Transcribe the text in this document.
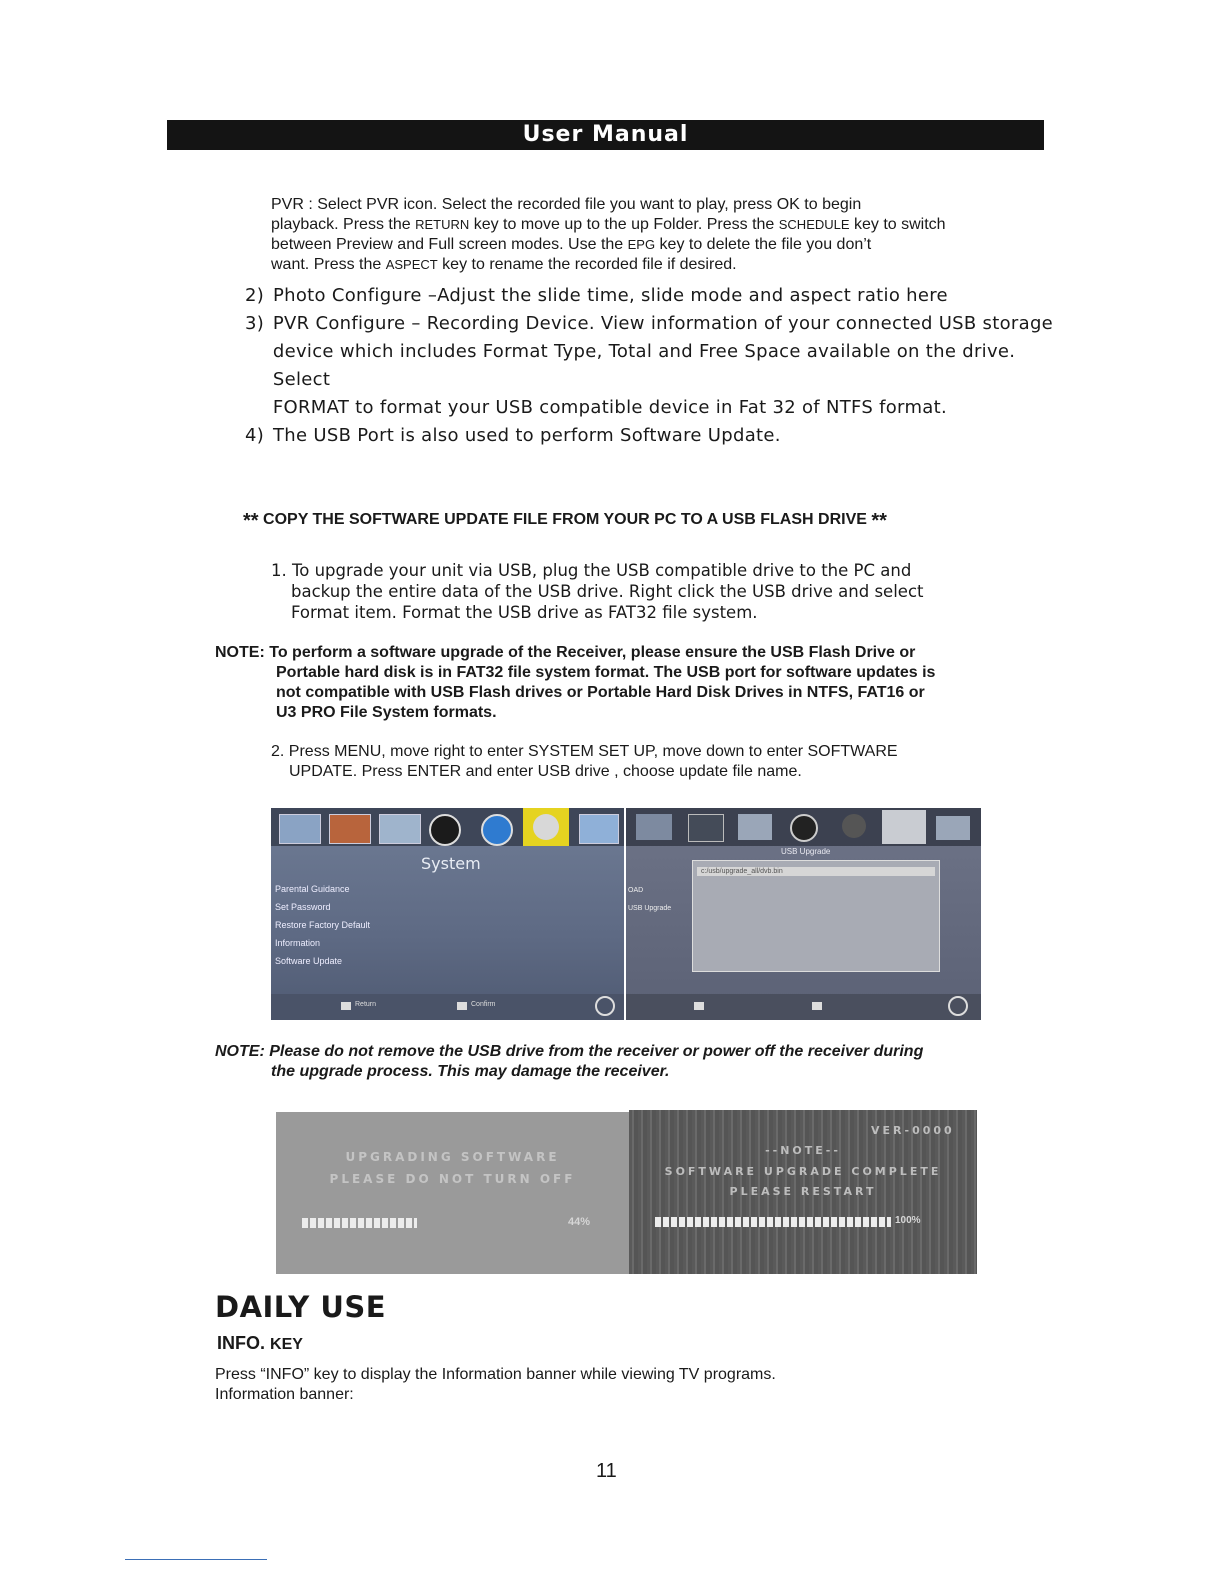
User Manual
PVR : Select PVR icon. Select the recorded file you want to play, press OK to begin
playback. Press the RETURN key to move up to the up Folder. Press the SCHEDULE key to switch
between Preview and Full screen modes. Use the EPG key to delete the file you don’t
want. Press the ASPECT key to rename the recorded file if desired.
2) Photo Configure –Adjust the slide time, slide mode and aspect ratio here
3) PVR Configure – Recording Device. View information of your connected USB storage
device which includes Format Type, Total and Free Space available on the drive. Select
FORMAT to format your USB compatible device in Fat 32 of NTFS format.
4) The USB Port is also used to perform Software Update.
** COPY THE SOFTWARE UPDATE FILE FROM YOUR PC TO A USB FLASH DRIVE **
1. To upgrade your unit via USB, plug the USB compatible drive to the PC and
backup the entire data of the USB drive. Right click the USB drive and select
Format item. Format the USB drive as FAT32 file system.
NOTE: To perform a software upgrade of the Receiver, please ensure the USB Flash Drive or
Portable hard disk is in FAT32 file system format. The USB port for software updates is
not compatible with USB Flash drives or Portable Hard Disk Drives in NTFS, FAT16 or
U3 PRO File System formats.
2. Press MENU, move right to enter SYSTEM SET UP, move down to enter SOFTWARE
UPDATE. Press ENTER and enter USB drive , choose update file name.
System
Parental Guidance
Set Password
Restore Factory Default
Information
Software Update
Return	Confirm
USB Upgrade
c:/usb/upgrade_all/dvb.bin
OAD
USB Upgrade
NOTE: Please do not remove the USB drive from the receiver or power off the receiver during
the upgrade process. This may damage the receiver.
UPGRADING SOFTWARE
PLEASE DO NOT TURN OFF
44%
VER-0000
--NOTE--
SOFTWARE UPGRADE COMPLETE
PLEASE RESTART
100%
DAILY USE
INFO. KEY
Press “INFO” key to display the Information banner while viewing TV programs.
Information banner:
11
